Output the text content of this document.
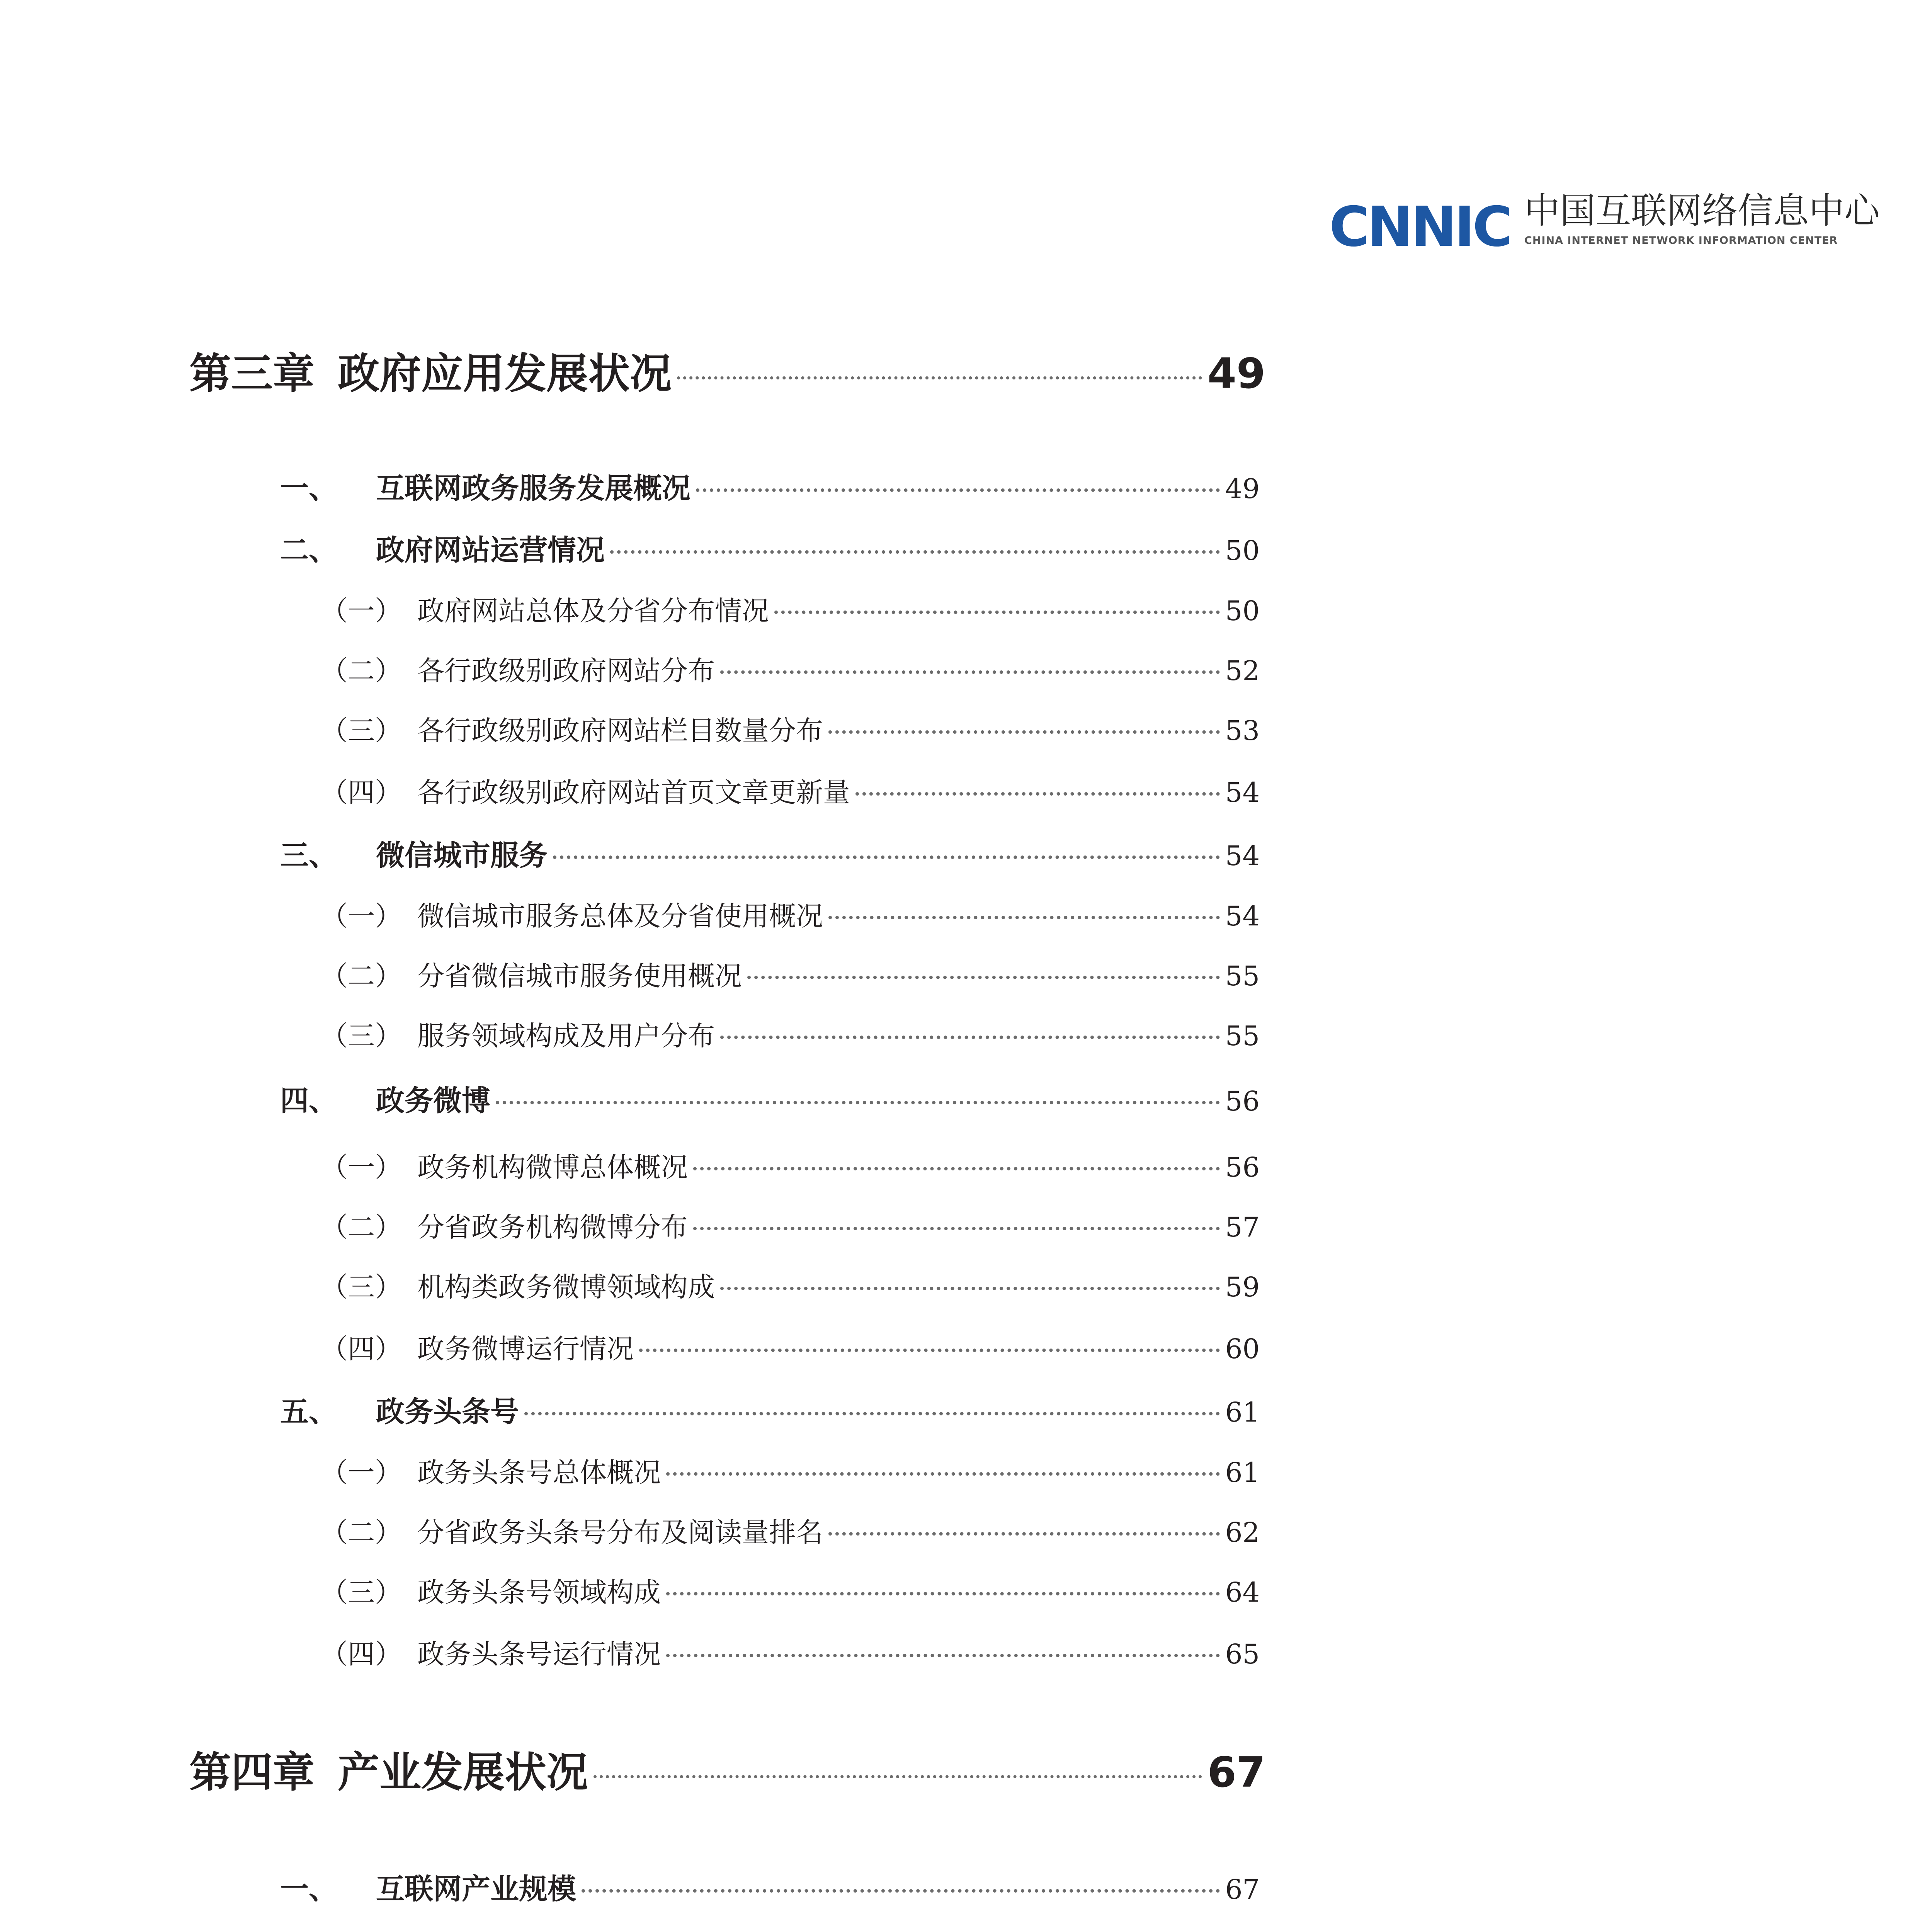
CNNIC 中国互联网络信息中心
CHINA INTERNET NETWORK INFORMATION CENTER
第三章 政府应用发展状况	49
一、 互联网政务服务发展概况	49
二、 政府网站运营情况	50
（一） 政府网站总体及分省分布情况	50
（二） 各行政级别政府网站分布	52
（三） 各行政级别政府网站栏目数量分布	53
（四） 各行政级别政府网站首页文章更新量	54
三、 微信城市服务	54
（一） 微信城市服务总体及分省使用概况	54
（二） 分省微信城市服务使用概况	55
（三） 服务领域构成及用户分布	55
四、 政务微博	56
（一） 政务机构微博总体概况	56
（二） 分省政务机构微博分布	57
（三） 机构类政务微博领域构成	59
（四） 政务微博运行情况	60
五、 政务头条号	61
（一） 政务头条号总体概况	61
（二） 分省政务头条号分布及阅读量排名	62
（三） 政务头条号领域构成	64
（四） 政务头条号运行情况	65
第四章 产业发展状况	67
一、 互联网产业规模	67
